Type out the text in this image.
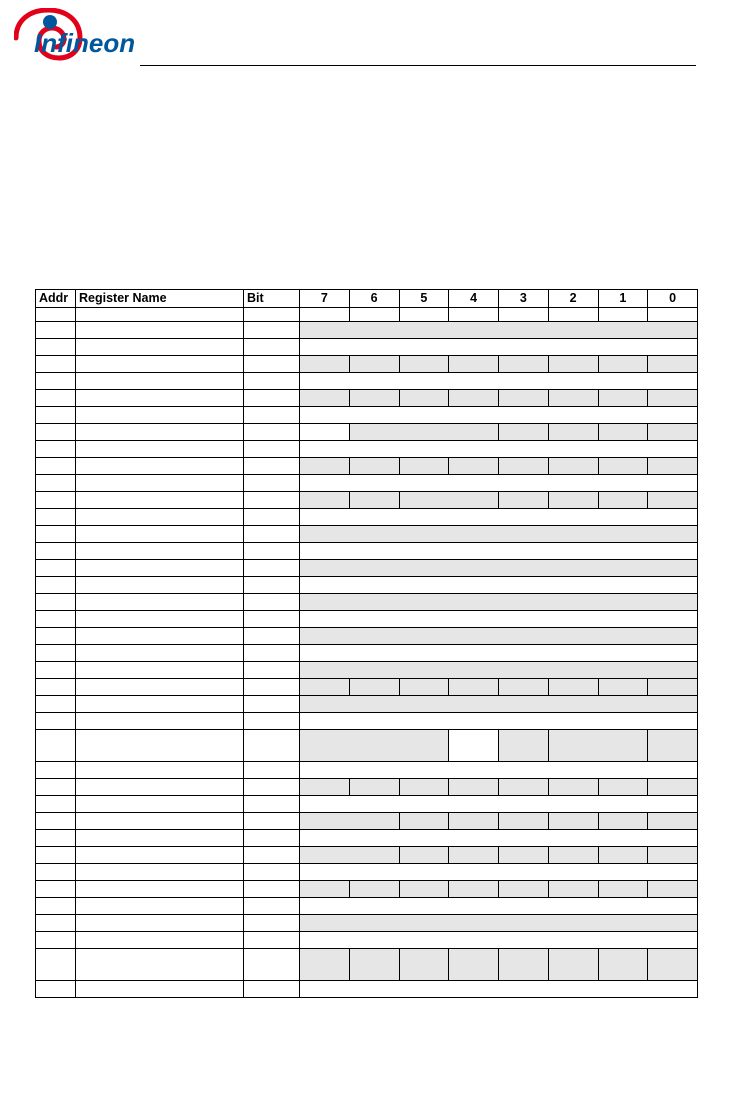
Infineon
Addr	Register Name	Bit	7	6	5	4	3	2	1	0
